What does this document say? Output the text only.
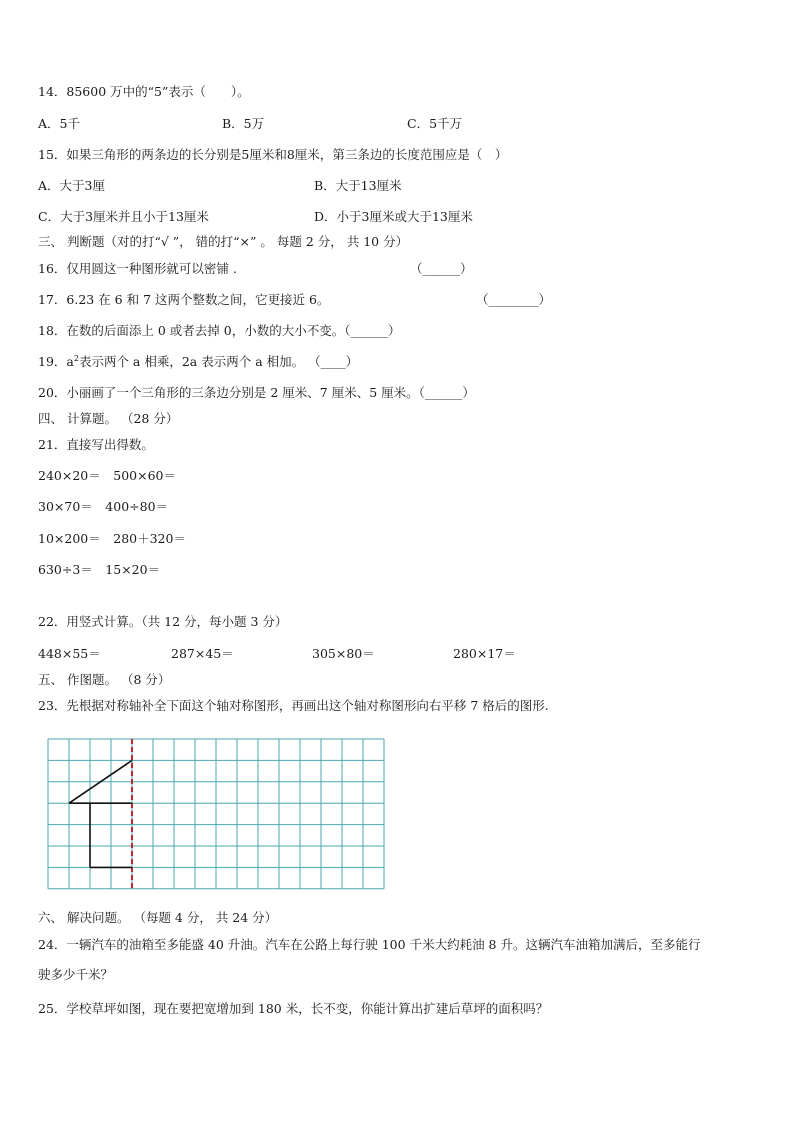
14．85600 万中的“5”表示（　　）。
A．5千	B．5万	C．5千万
15．如果三角形的两条边的长分别是5厘米和8厘米，第三条边的长度范围应是（　）
A．大于3厘	B．大于13厘米
C．大于3厘米并且小于13厘米	D．小于3厘米或大于13厘米
三、 判断题（对的打“√ ”， 错的打“×” 。 每题 2 分， 共 10 分）
16．仅用圆这一种图形就可以密铺 .	（______）
17．6.23 在 6 和 7 这两个整数之间，它更接近 6。	（________）
18．在数的后面添上 0 或者去掉 0，小数的大小不变。（______）
19．$a^2$表示两个 a 相乘，2a 表示两个 a 相加。 （____）
20．小丽画了一个三角形的三条边分别是 2 厘米、7 厘米、5 厘米。（______）
四、 计算题。 （28 分）
21．直接写出得数。
240×20＝　500×60＝
30×70＝　400÷80＝
10×200＝　280＋320＝
630÷3＝　15×20＝
22．用竖式计算。（共 12 分，每小题 3 分）
448×55＝	287×45＝	305×80＝	280×17＝
五、 作图题。 （8 分）
23．先根据对称轴补全下面这个轴对称图形，再画出这个轴对称图形向右平移 7 格后的图形.
六、 解决问题。 （每题 4 分， 共 24 分）
24．一辆汽车的油箱至多能盛 40 升油。汽车在公路上每行驶 100 千米大约耗油 8 升。这辆汽车油箱加满后，至多能行
驶多少千米？
25．学校草坪如图，现在要把宽增加到 180 米，长不变，你能计算出扩建后草坪的面积吗？
